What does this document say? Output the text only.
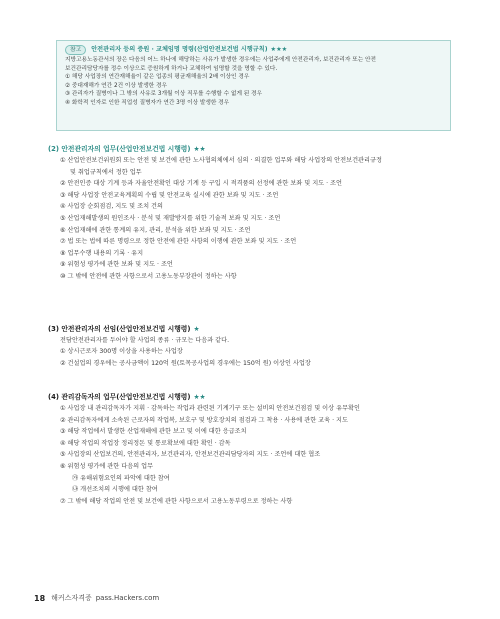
참고	안전관리자 등의 증원 · 교체임명 명령(산업안전보건법 시행규칙) ★★★
지방고용노동관서의 장은 다음의 어느 하나에 해당하는 사유가 발생한 경우에는 사업주에게 안전관리자, 보건관리자 또는 안전
보건관리담당자를 정수 이상으로 증원하게 하거나 교체하여 임명할 것을 명할 수 있다.
① 해당 사업장의 연간재해율이 같은 업종의 평균재해율의 2배 이상인 경우
② 중대재해가 연간 2건 이상 발생한 경우
③ 관리자가 질병이나 그 밖의 사유로 3개월 이상 직무를 수행할 수 없게 된 경우
④ 화학적 인자로 인한 직업성 질병자가 연간 3명 이상 발생한 경우
(2) 안전관리자의 업무(산업안전보건법 시행령) ★★
① 산업안전보건위원회 또는 안전 및 보건에 관한 노사협의체에서 심의 · 의결한 업무와 해당 사업장의 안전보건관리규정
및 취업규칙에서 정한 업무
② 안전인증 대상 기계 등과 자율안전확인 대상 기계 등 구입 시 적격품의 선정에 관한 보좌 및 지도 · 조언
③ 해당 사업장 안전교육계획의 수립 및 안전교육 실시에 관한 보좌 및 지도 · 조언
④ 사업장 순회점검, 지도 및 조치 건의
⑤ 산업재해발생의 원인조사 · 분석 및 재발방지를 위한 기술적 보좌 및 지도 · 조언
⑥ 산업재해에 관한 통계의 유지, 관리, 분석을 위한 보좌 및 지도 · 조언
⑦ 법 또는 법에 따른 명령으로 정한 안전에 관한 사항의 이행에 관한 보좌 및 지도 · 조언
⑧ 업무수행 내용의 기록 · 유지
⑨ 위험성 평가에 관한 보좌 및 지도 · 조언
⑩ 그 밖에 안전에 관한 사항으로서 고용노동부장관이 정하는 사항
(3) 안전관리자의 선임(산업안전보건법 시행령) ★
전담안전관리자를 두어야 할 사업의 종류 · 규모는 다음과 같다.
① 상시근로자 300명 이상을 사용하는 사업장
② 건설업의 경우에는 공사금액이 120억 원(토목공사업의 경우에는 150억 원) 이상인 사업장
(4) 관리감독자의 업무(산업안전보건법 시행령) ★★
① 사업장 내 관리감독자가 지휘 · 감독하는 작업과 관련된 기계기구 또는 설비의 안전보건점검 및 이상 유무확인
② 관리감독자에게 소속된 근로자의 작업복, 보호구 및 방호장치의 점검과 그 착용 · 사용에 관한 교육 · 지도
③ 해당 작업에서 발생한 산업재해에 관한 보고 및 이에 대한 응급조치
④ 해당 작업의 작업장 정리정돈 및 통로확보에 대한 확인 · 감독
⑤ 사업장의 산업보건의, 안전관리자, 보건관리자, 안전보건관리담당자의 지도 · 조언에 대한 협조
⑥ 위험성 평가에 관한 다음의 업무
㉮ 유해위험요인의 파악에 대한 참여
㉯ 개선조치의 시행에 대한 참여
⑦ 그 밖에 해당 작업의 안전 및 보건에 관한 사항으로서 고용노동부령으로 정하는 사항
18 해커스자격증 pass.Hackers.com
